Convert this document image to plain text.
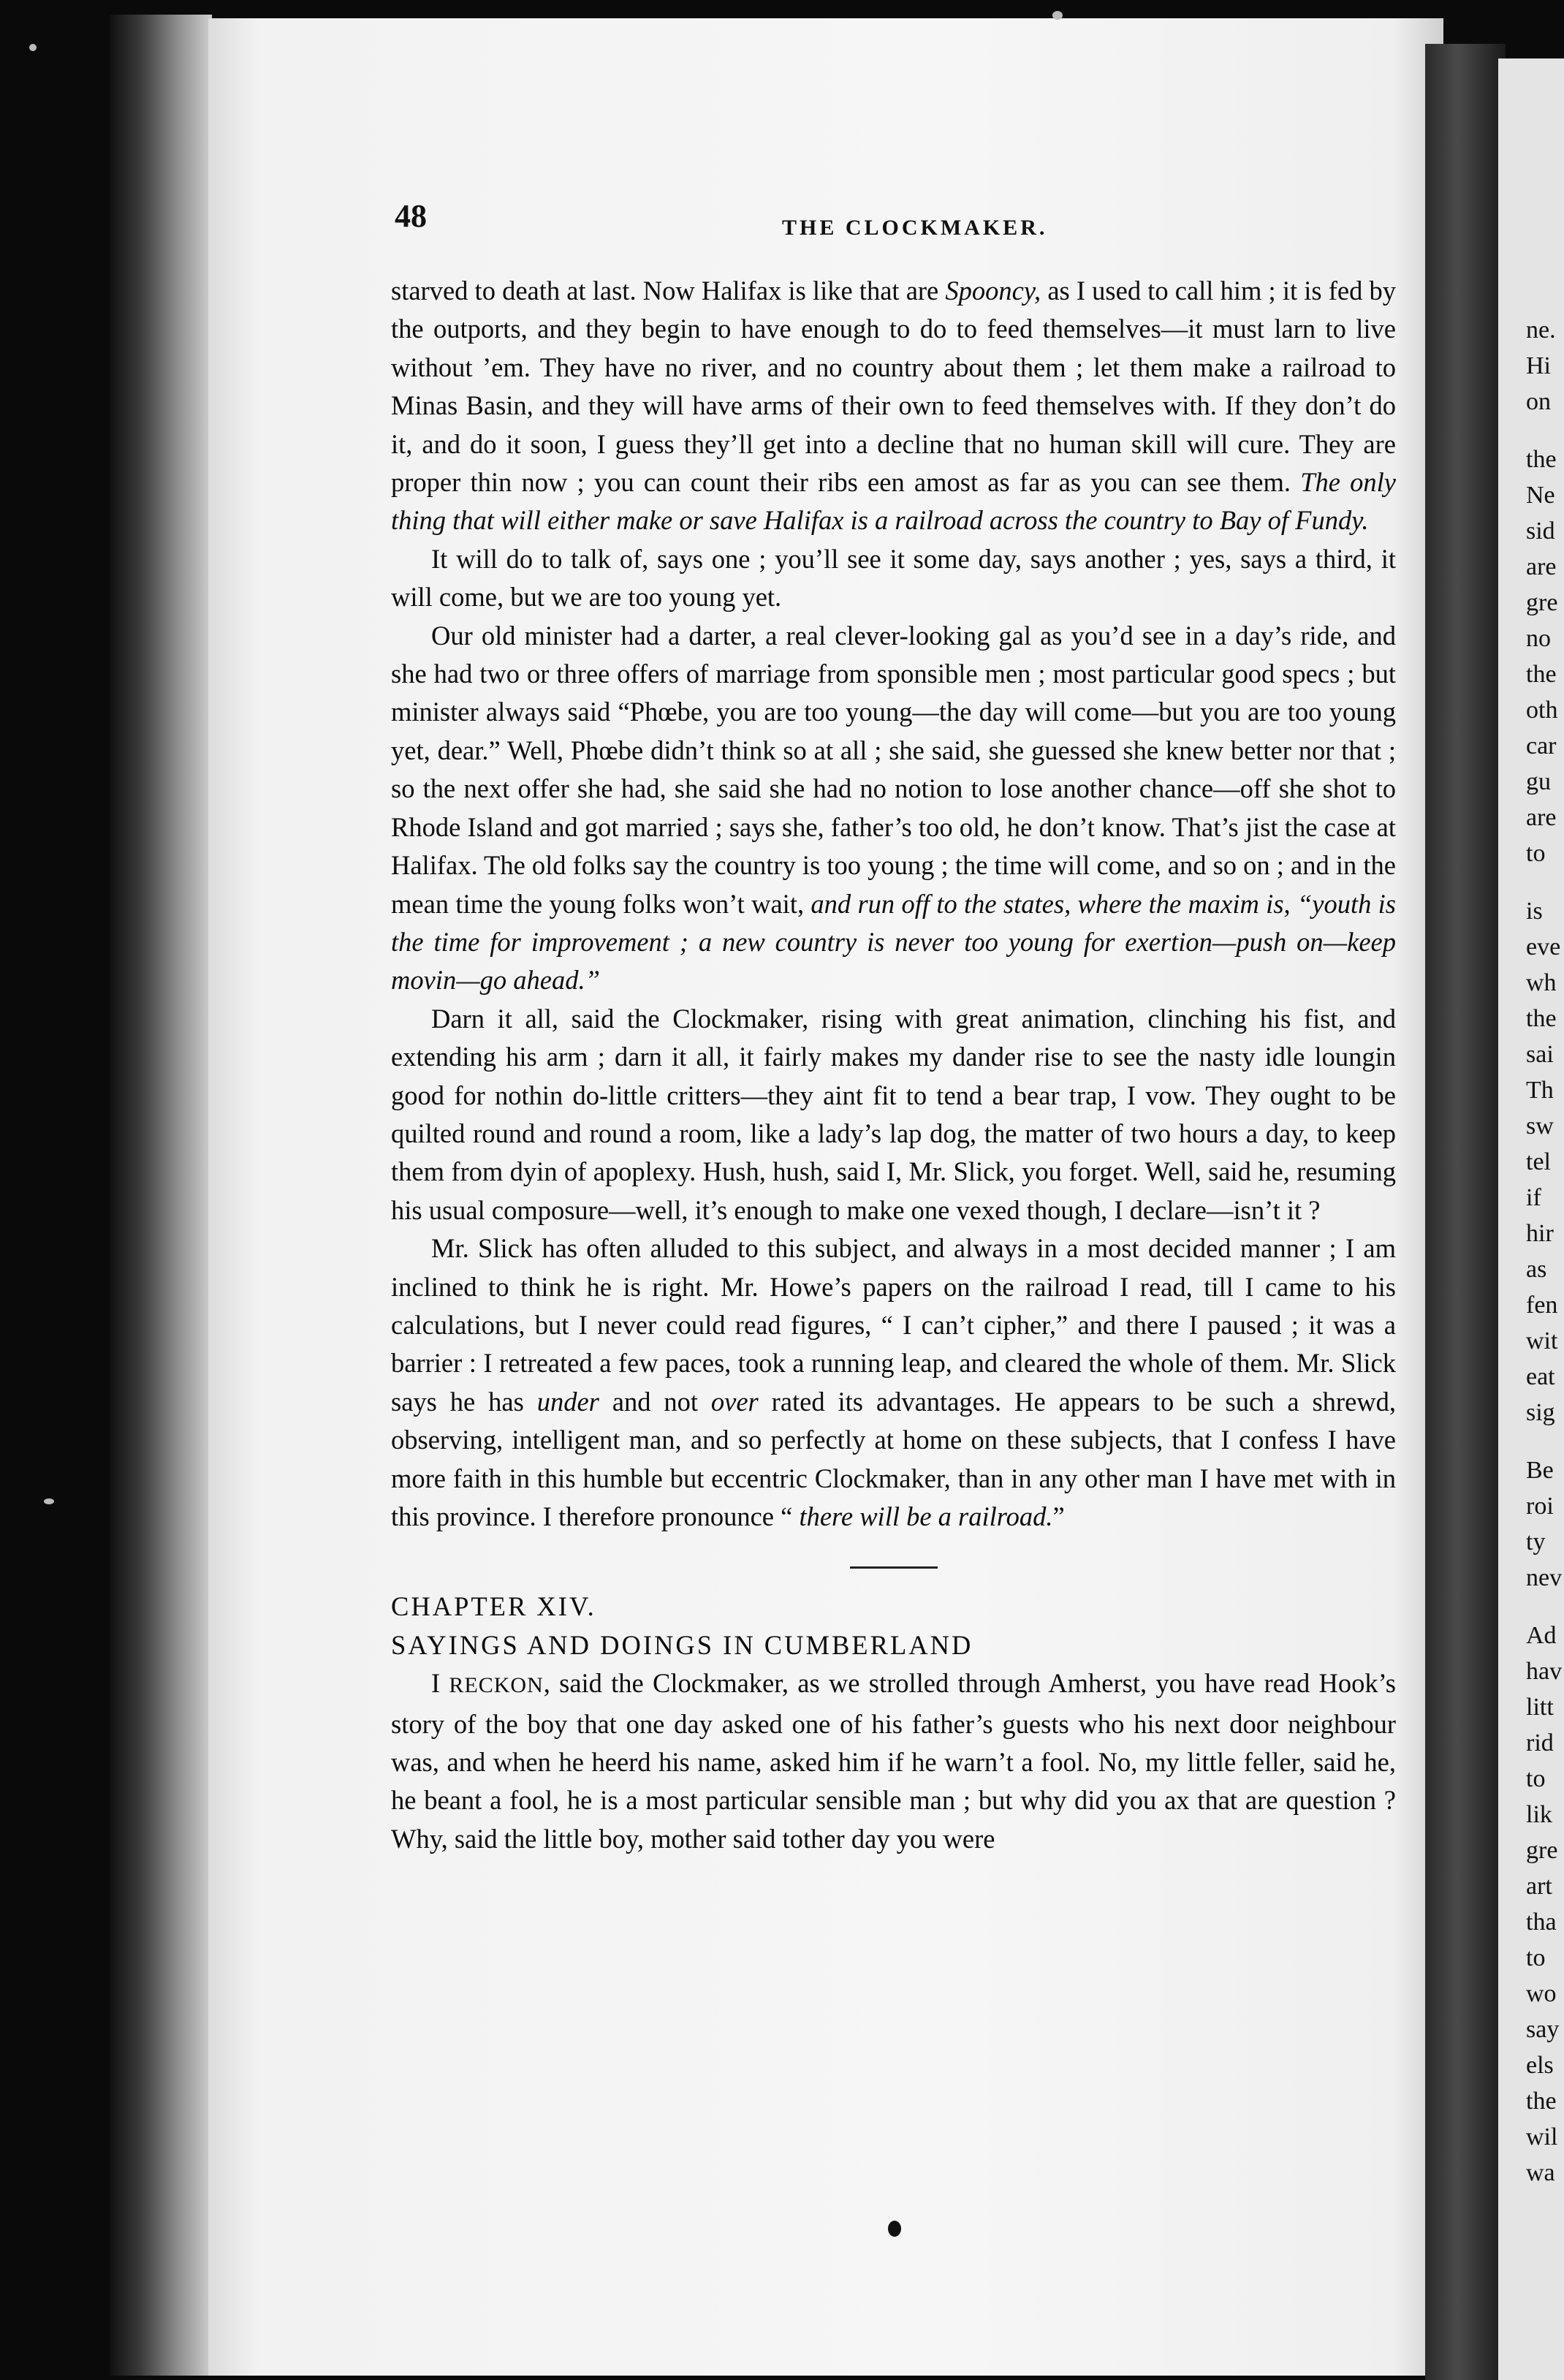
ne.
Hi
on
the
Ne
sid
are
gre
no
the
oth
car
gu
are
to
is
eve
wh
the
sai
Th
sw
tel
if
hir
as
fen
wit
eat
sig
Be
roi
ty
nev
Ad
hav
litt
rid
to
lik
gre
art
tha
to
wo
say
els
the
wil
wa
48	THE CLOCKMAKER.

starved to death at last. Now Halifax is like that are Spooncy, as I used to call him ; it is fed by the outports, and they begin to have enough to do to feed themselves—it must larn to live without ’em. They have no river, and no country about them ; let them make a railroad to Minas Basin, and they will have arms of their own to feed themselves with. If they don’t do it, and do it soon, I guess they’ll get into a decline that no human skill will cure. They are proper thin now ; you can count their ribs een amost as far as you can see them. The only thing that will either make or save Halifax is a railroad across the country to Bay of Fundy.

It will do to talk of, says one ; you’ll see it some day, says another ; yes, says a third, it will come, but we are too young yet.

Our old minister had a darter, a real clever-looking gal as you’d see in a day’s ride, and she had two or three offers of marriage from sponsible men ; most particular good specs ; but minister always said “Phœbe, you are too young—the day will come—but you are too young yet, dear.” Well, Phœbe didn’t think so at all ; she said, she guessed she knew better nor that ; so the next offer she had, she said she had no notion to lose another chance—off she shot to Rhode Island and got married ; says she, father’s too old, he don’t know. That’s jist the case at Halifax. The old folks say the country is too young ; the time will come, and so on ; and in the mean time the young folks won’t wait, and run off to the states, where the maxim is, “youth is the time for improvement ; a new country is never too young for exertion—push on—keep movin—go ahead.”

Darn it all, said the Clockmaker, rising with great animation, clinching his fist, and extending his arm ; darn it all, it fairly makes my dander rise to see the nasty idle loungin good for nothin do-little critters—they aint fit to tend a bear trap, I vow. They ought to be quilted round and round a room, like a lady’s lap dog, the matter of two hours a day, to keep them from dyin of apoplexy. Hush, hush, said I, Mr. Slick, you forget. Well, said he, resuming his usual composure—well, it’s enough to make one vexed though, I declare—isn’t it ?

Mr. Slick has often alluded to this subject, and always in a most decided manner ; I am inclined to think he is right. Mr. Howe’s papers on the railroad I read, till I came to his calculations, but I never could read figures, “ I can’t cipher,” and there I paused ; it was a barrier : I retreated a few paces, took a running leap, and cleared the whole of them. Mr. Slick says he has under and not over rated its advantages. He appears to be such a shrewd, observing, intelligent man, and so perfectly at home on these subjects, that I confess I have more faith in this humble but eccentric Clockmaker, than in any other man I have met with in this province. I therefore pronounce “ there will be a railroad.”

CHAPTER XIV.

SAYINGS AND DOINGS IN CUMBERLAND

I RECKON, said the Clockmaker, as we strolled through Amherst, you have read Hook’s story of the boy that one day asked one of his father’s guests who his next door neighbour was, and when he heerd his name, asked him if he warn’t a fool. No, my little feller, said he, he beant a fool, he is a most particular sensible man ; but why did you ax that are question ? Why, said the little boy, mother said tother day you were
